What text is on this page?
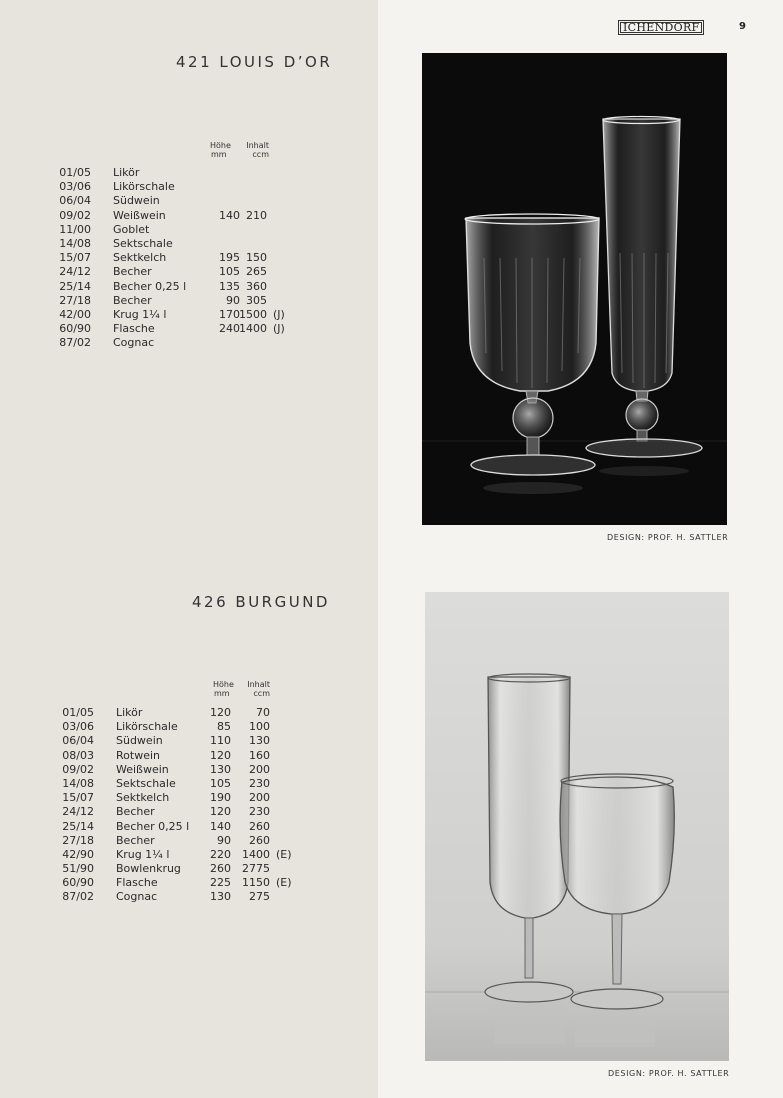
ICHENDORF	9
421 LOUIS D’OR
Höhe
mm
Inhalt
ccm
01/05 Likör
03/06 Likörschale
06/04 Südwein
09/02 Weißwein	140 210
11/00 Goblet
14/08 Sektschale
15/07 Sektkelch	195 150
24/12 Becher	105 265
25/14 Becher 0,25 l	135 360
27/18 Becher	90 305
42/00 Krug 1¼ l	170 1500 (J)
60/90 Flasche	240 1400 (J)
87/02 Cognac
DESIGN: PROF. H. SATTLER
426 BURGUND
Höhe
mm
Inhalt
ccm
01/05 Likör	120	70
03/06 Likörschale	85	100
06/04 Südwein	110	130
08/03 Rotwein	120	160
09/02 Weißwein	130	200
14/08 Sektschale	105	230
15/07 Sektkelch	190	200
24/12 Becher	120	230
25/14 Becher 0,25 l	140	260
27/18 Becher	90	260
42/90 Krug 1¼ l	220	1400 (E)
51/90 Bowlenkrug	260	2775
60/90 Flasche	225	1150 (E)
87/02 Cognac	130	275
DESIGN: PROF. H. SATTLER
